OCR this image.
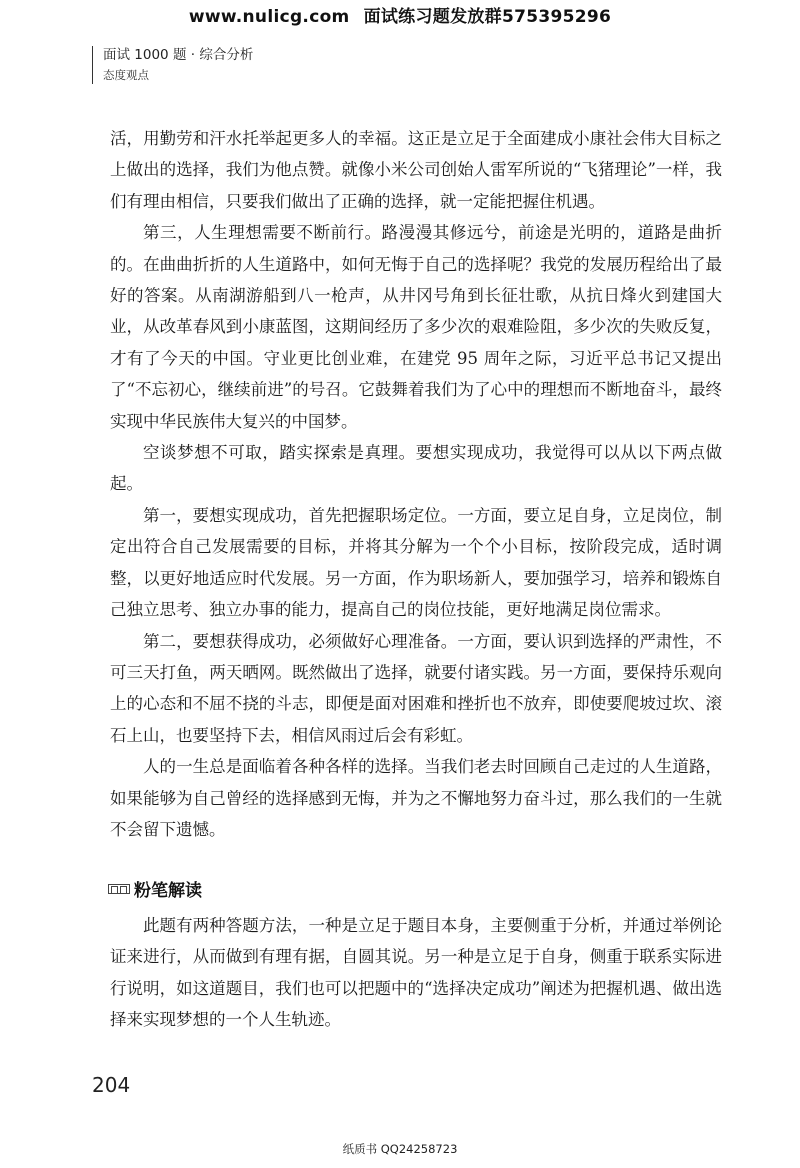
www.nulicg.com 面试练习题发放群575395296
面试 1000 题 · 综合分析
态度观点

活，用勤劳和汗水托举起更多人的幸福。这正是立足于全面建成小康社会伟大目标之上做出的选择，我们为他点赞。就像小米公司创始人雷军所说的“飞猪理论”一样，我们有理由相信，只要我们做出了正确的选择，就一定能把握住机遇。

第三，人生理想需要不断前行。路漫漫其修远兮，前途是光明的，道路是曲折的。在曲曲折折的人生道路中，如何无悔于自己的选择呢？我党的发展历程给出了最好的答案。从南湖游船到八一枪声，从井冈号角到长征壮歌，从抗日烽火到建国大业，从改革春风到小康蓝图，这期间经历了多少次的艰难险阻，多少次的失败反复，才有了今天的中国。守业更比创业难，在建党 95 周年之际，习近平总书记又提出了“不忘初心，继续前进”的号召。它鼓舞着我们为了心中的理想而不断地奋斗，最终实现中华民族伟大复兴的中国梦。

空谈梦想不可取，踏实探索是真理。要想实现成功，我觉得可以从以下两点做起。

第一，要想实现成功，首先把握职场定位。一方面，要立足自身，立足岗位，制定出符合自己发展需要的目标，并将其分解为一个个小目标，按阶段完成，适时调整，以更好地适应时代发展。另一方面，作为职场新人，要加强学习，培养和锻炼自己独立思考、独立办事的能力，提高自己的岗位技能，更好地满足岗位需求。

第二，要想获得成功，必须做好心理准备。一方面，要认识到选择的严肃性，不可三天打鱼，两天晒网。既然做出了选择，就要付诸实践。另一方面，要保持乐观向上的心态和不屈不挠的斗志，即便是面对困难和挫折也不放弃，即使要爬坡过坎、滚石上山，也要坚持下去，相信风雨过后会有彩虹。

人的一生总是面临着各种各样的选择。当我们老去时回顾自己走过的人生道路，如果能够为自己曾经的选择感到无悔，并为之不懈地努力奋斗过，那么我们的一生就不会留下遗憾。

粉笔解读

此题有两种答题方法，一种是立足于题目本身，主要侧重于分析，并通过举例论证来进行，从而做到有理有据，自圆其说。另一种是立足于自身，侧重于联系实际进行说明，如这道题目，我们也可以把题中的“选择决定成功”阐述为把握机遇、做出选择来实现梦想的一个人生轨迹。

204
纸质书 QQ24258723
